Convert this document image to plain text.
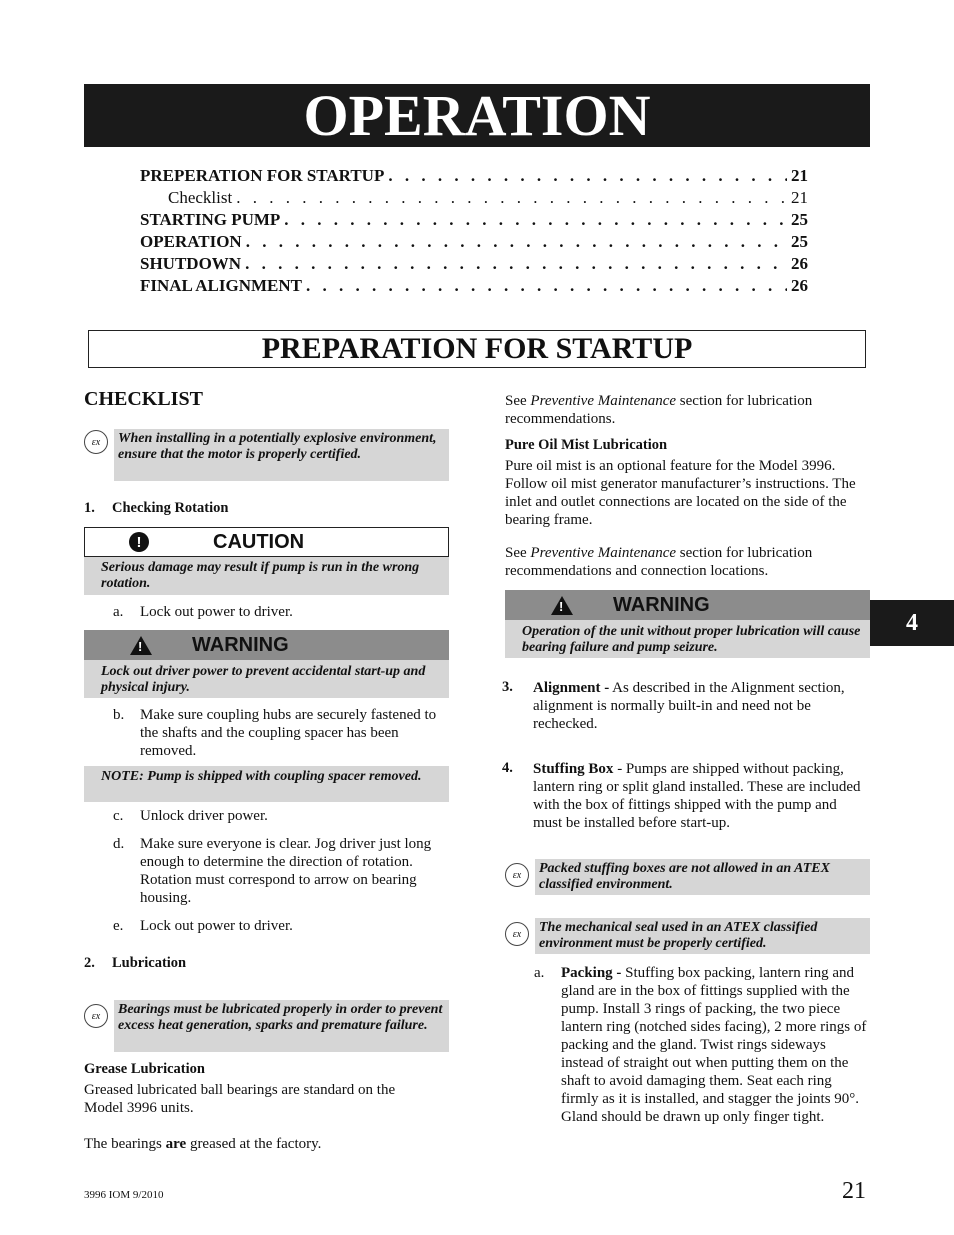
OPERATION
PREPERATION FOR STARTUP . . .	21
Checklist . . .	21
STARTING PUMP . . .	25
OPERATION . . .	25
SHUTDOWN . . .	26
FINAL ALIGNMENT . . .	26
PREPARATION FOR STARTUP
CHECKLIST
εx	When installing in a potentially explosive environment, ensure that the motor is properly certified.
1. Checking Rotation
!	CAUTION
Serious damage may result if pump is run in the wrong rotation.
a. Lock out power to driver.
! WARNING
Lock out driver power to prevent accidental start-up and physical injury.
b. Make sure coupling hubs are securely fastened to the shafts and the coupling spacer has been removed.
NOTE: Pump is shipped with coupling spacer removed.
c. Unlock driver power.
d. Make sure everyone is clear. Jog driver just long enough to determine the direction of rotation. Rotation must correspond to arrow on bearing housing.
e. Lock out power to driver.
2. Lubrication
εx	Bearings must be lubricated properly in order to prevent excess heat generation, sparks and premature failure.
Grease Lubrication
Greased lubricated ball bearings are standard on the Model 3996 units.
The bearings are greased at the factory.
See Preventive Maintenance section for lubrication recommendations.
Pure Oil Mist Lubrication
Pure oil mist is an optional feature for the Model 3996. Follow oil mist generator manufacturer’s instructions. The inlet and outlet connections are located on the side of the bearing frame.
See Preventive Maintenance section for lubrication recommendations and connection locations.
! WARNING
Operation of the unit without proper lubrication will cause bearing failure and pump seizure.
3. Alignment - As described in the Alignment section, alignment is normally built-in and need not be rechecked.
4. Stuffing Box - Pumps are shipped without packing, lantern ring or split gland installed. These are included with the box of fittings shipped with the pump and must be installed before start-up.
εx	Packed stuffing boxes are not allowed in an ATEX classified environment.
εx	The mechanical seal used in an ATEX classified environment must be properly certified.
a. Packing - Stuffing box packing, lantern ring and gland are in the box of fittings supplied with the pump. Install 3 rings of packing, the two piece lantern ring (notched sides facing), 2 more rings of packing and the gland. Twist rings sideways instead of straight out when putting them on the shaft to avoid damaging them. Seat each ring firmly as it is installed, and stagger the joints 90°. Gland should be drawn up only finger tight.
4
3996 IOM 9/2010	21
